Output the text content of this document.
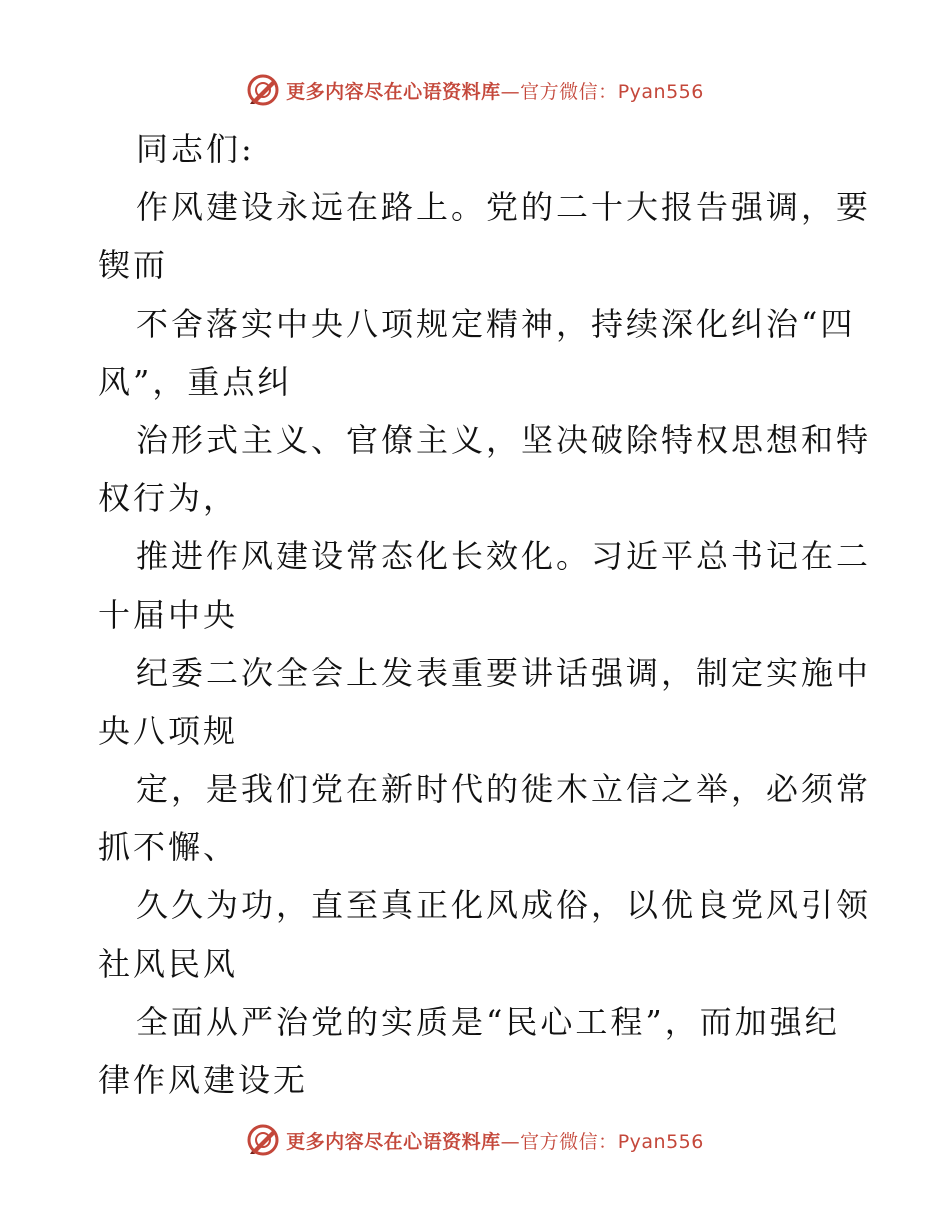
更多内容尽在心语资料库—官方微信：Pyan556
同志们:
作风建设永远在路上。党的二十大报告强调，要
锲而
不舍落实中央八项规定精神，持续深化纠治“四
风”，重点纠
治形式主义、官僚主义，坚决破除特权思想和特
权行为，
推进作风建设常态化长效化。习近平总书记在二
十届中央
纪委二次全会上发表重要讲话强调，制定实施中
央八项规
定，是我们党在新时代的徙木立信之举，必须常
抓不懈、
久久为功，直至真正化风成俗，以优良党风引领
社风民风
全面从严治党的实质是“民心工程”，而加强纪
律作风建设无
更多内容尽在心语资料库—官方微信：Pyan556
